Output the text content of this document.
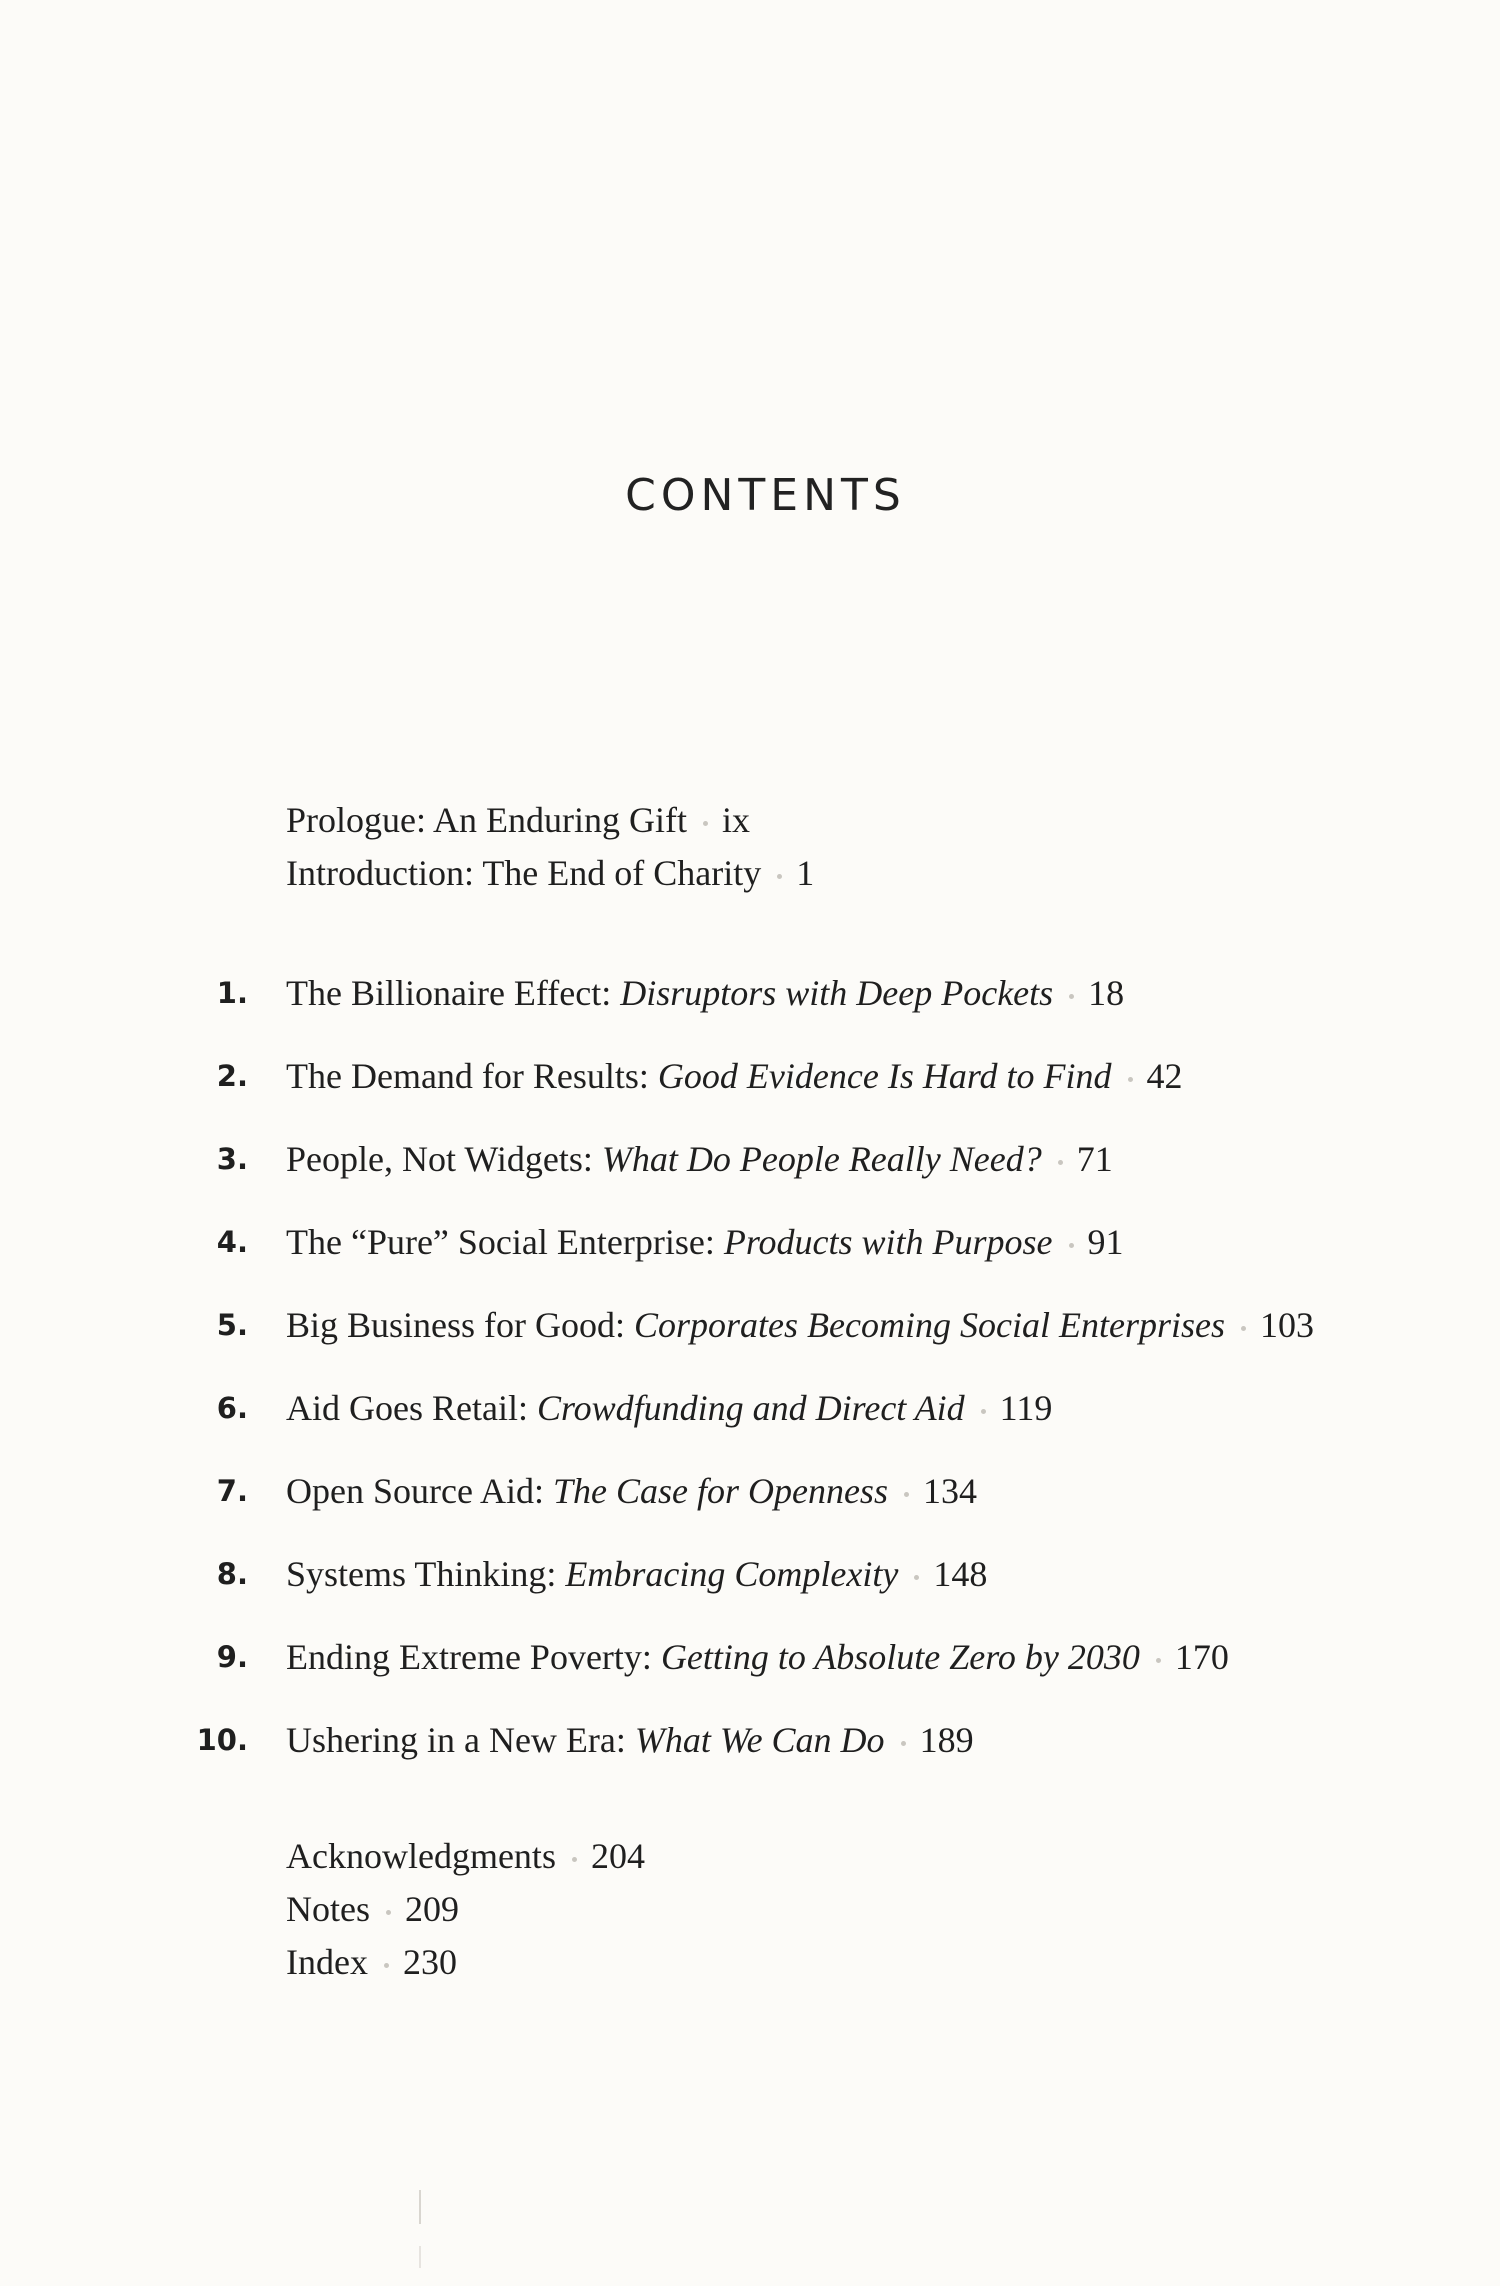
CONTENTS
Prologue: An Enduring Gift ix
Introduction: The End of Charity 1
1. The Billionaire Effect: Disruptors with Deep Pockets 18
2. The Demand for Results: Good Evidence Is Hard to Find 42
3. People, Not Widgets: What Do People Really Need? 71
4. The “Pure” Social Enterprise: Products with Purpose 91
5. Big Business for Good: Corporates Becoming Social Enterprises 103
6. Aid Goes Retail: Crowdfunding and Direct Aid 119
7. Open Source Aid: The Case for Openness 134
8. Systems Thinking: Embracing Complexity 148
9. Ending Extreme Poverty: Getting to Absolute Zero by 2030 170
10. Ushering in a New Era: What We Can Do 189
Acknowledgments 204
Notes 209
Index 230
